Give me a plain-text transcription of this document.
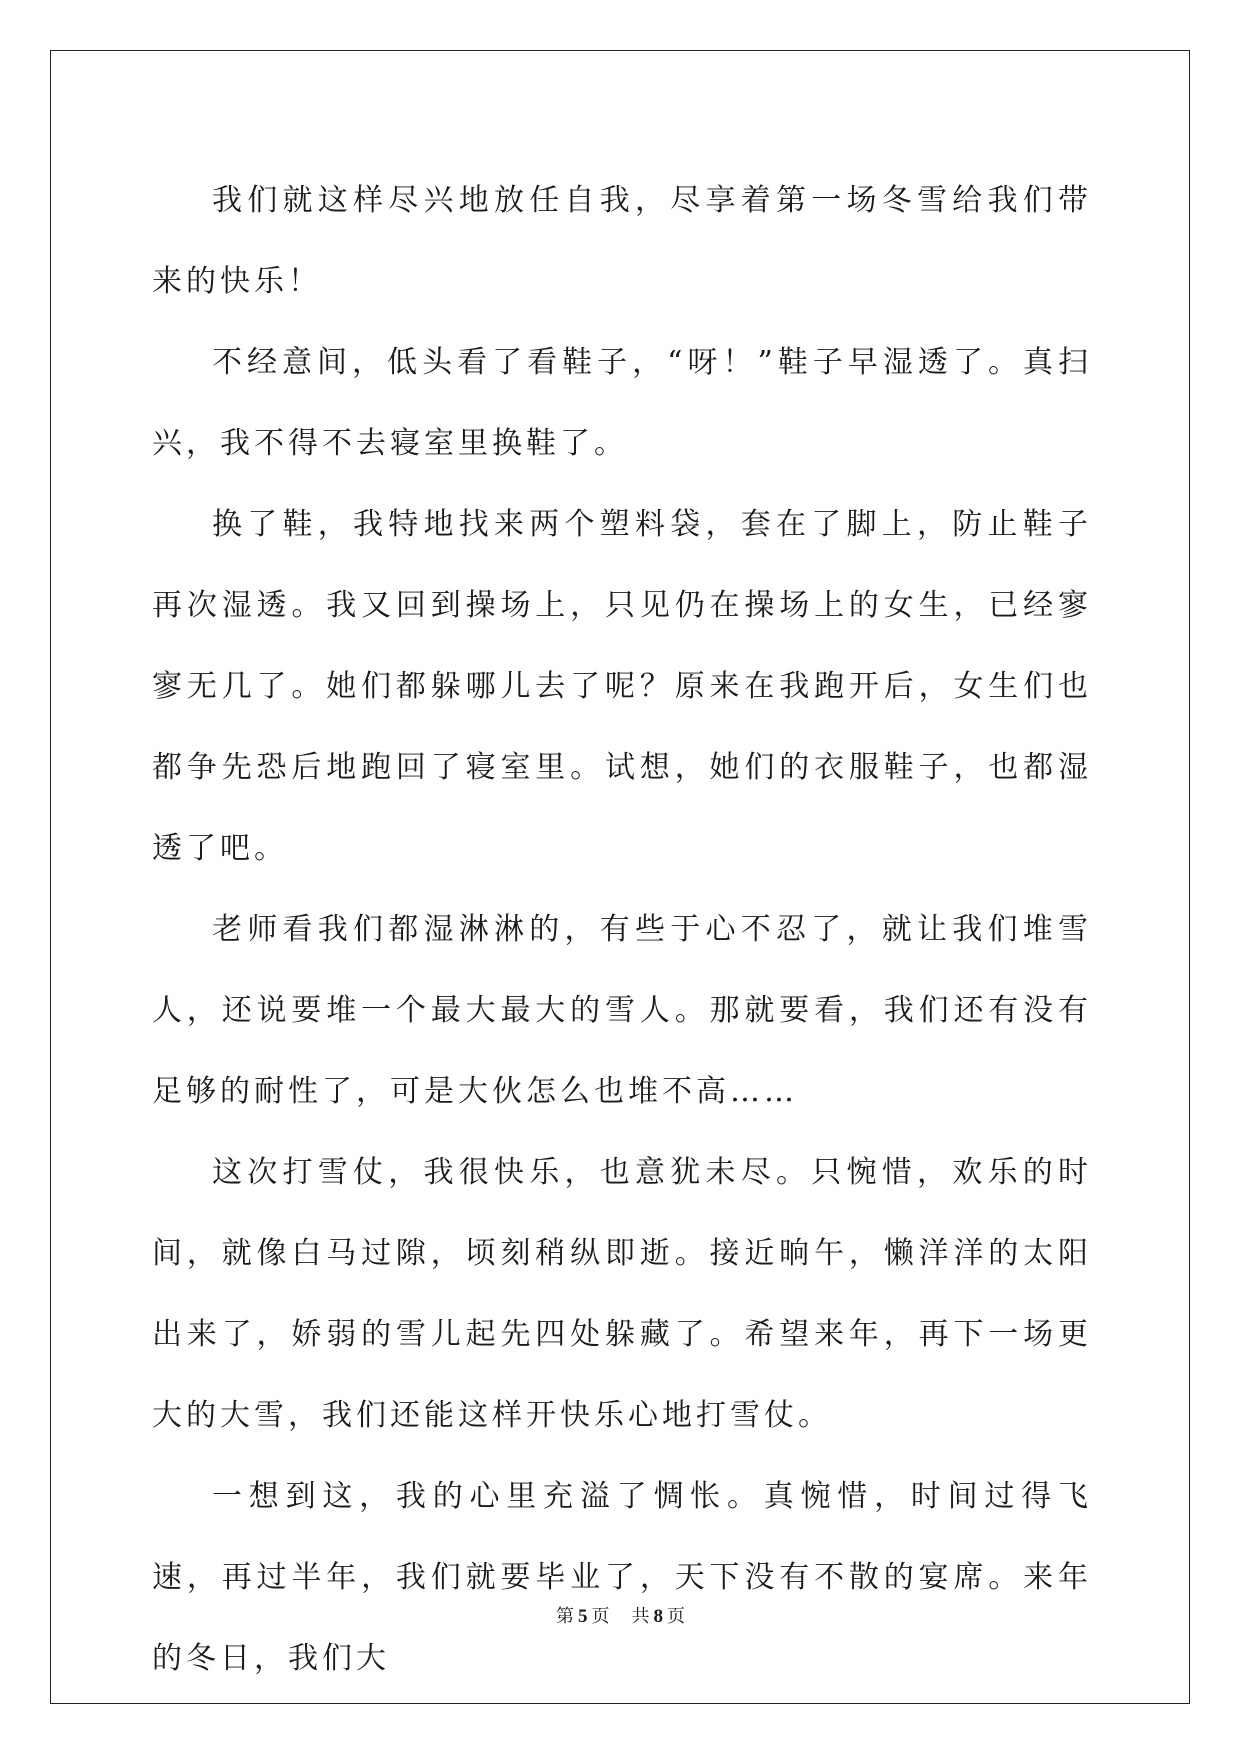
我们就这样尽兴地放任自我，尽享着第一场冬雪给我们带来的快乐！

不经意间，低头看了看鞋子，“呀！”鞋子早湿透了。真扫兴，我不得不去寝室里换鞋了。

换了鞋，我特地找来两个塑料袋，套在了脚上，防止鞋子再次湿透。我又回到操场上，只见仍在操场上的女生，已经寥寥无几了。她们都躲哪儿去了呢？原来在我跑开后，女生们也都争先恐后地跑回了寝室里。试想，她们的衣服鞋子，也都湿透了吧。

老师看我们都湿淋淋的，有些于心不忍了，就让我们堆雪人，还说要堆一个最大最大的雪人。那就要看，我们还有没有足够的耐性了，可是大伙怎么也堆不高……

这次打雪仗，我很快乐，也意犹未尽。只惋惜，欢乐的时间，就像白马过隙，顷刻稍纵即逝。接近晌午，懒洋洋的太阳出来了，娇弱的雪儿起先四处躲藏了。希望来年，再下一场更大的大雪，我们还能这样开快乐心地打雪仗。

一想到这，我的心里充溢了惆怅。真惋惜，时间过得飞速，再过半年，我们就要毕业了，天下没有不散的宴席。来年的冬日，我们大

第 5 页 共 8 页
